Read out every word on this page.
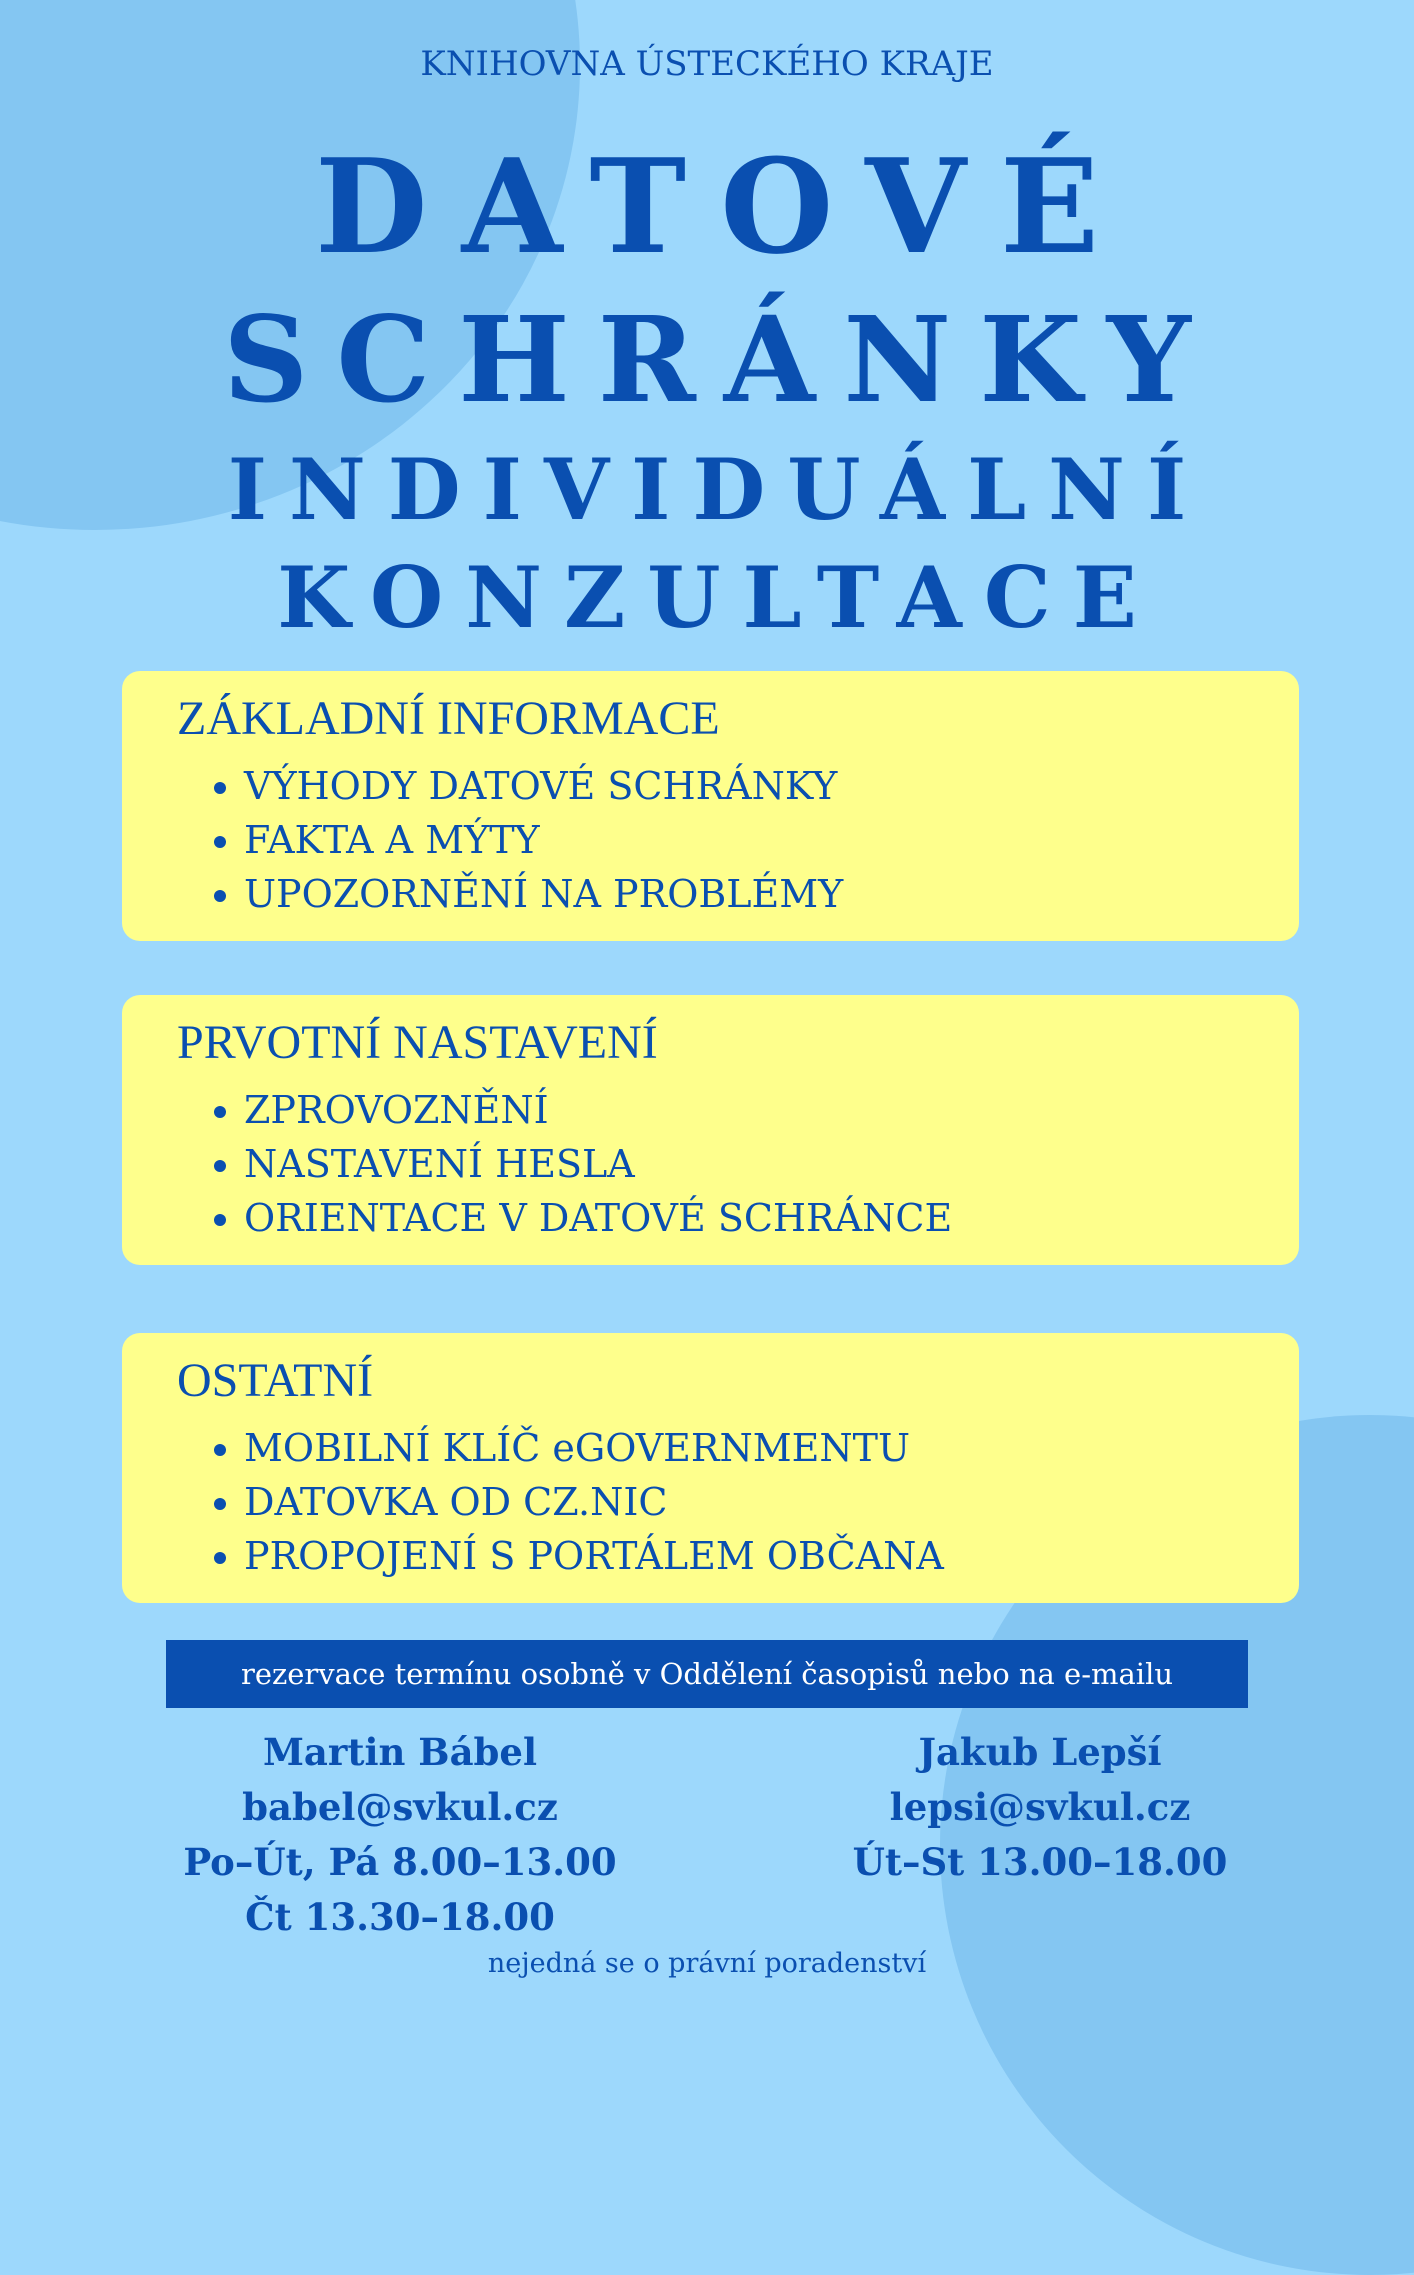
KNIHOVNA ÚSTECKÉHO KRAJE
DATOVÉ
SCHRÁNKY
INDIVIDUÁLNÍ
KONZULTACE
ZÁKLADNÍ INFORMACE
• VÝHODY DATOVÉ SCHRÁNKY
• FAKTA A MÝTY
• UPOZORNĚNÍ NA PROBLÉMY
PRVOTNÍ NASTAVENÍ
• ZPROVOZNĚNÍ
• NASTAVENÍ HESLA
• ORIENTACE V DATOVÉ SCHRÁNCE
OSTATNÍ
• MOBILNÍ KLÍČ eGOVERNMENTU
• DATOVKA OD CZ.NIC
• PROPOJENÍ S PORTÁLEM OBČANA
rezervace termínu osobně v Oddělení časopisů nebo na e-mailu
Martin Bábel
babel@svkul.cz
Po–Út, Pá 8.00–13.00
Čt 13.30–18.00
Jakub Lepší
lepsi@svkul.cz
Út–St 13.00–18.00
nejedná se o právní poradenství
